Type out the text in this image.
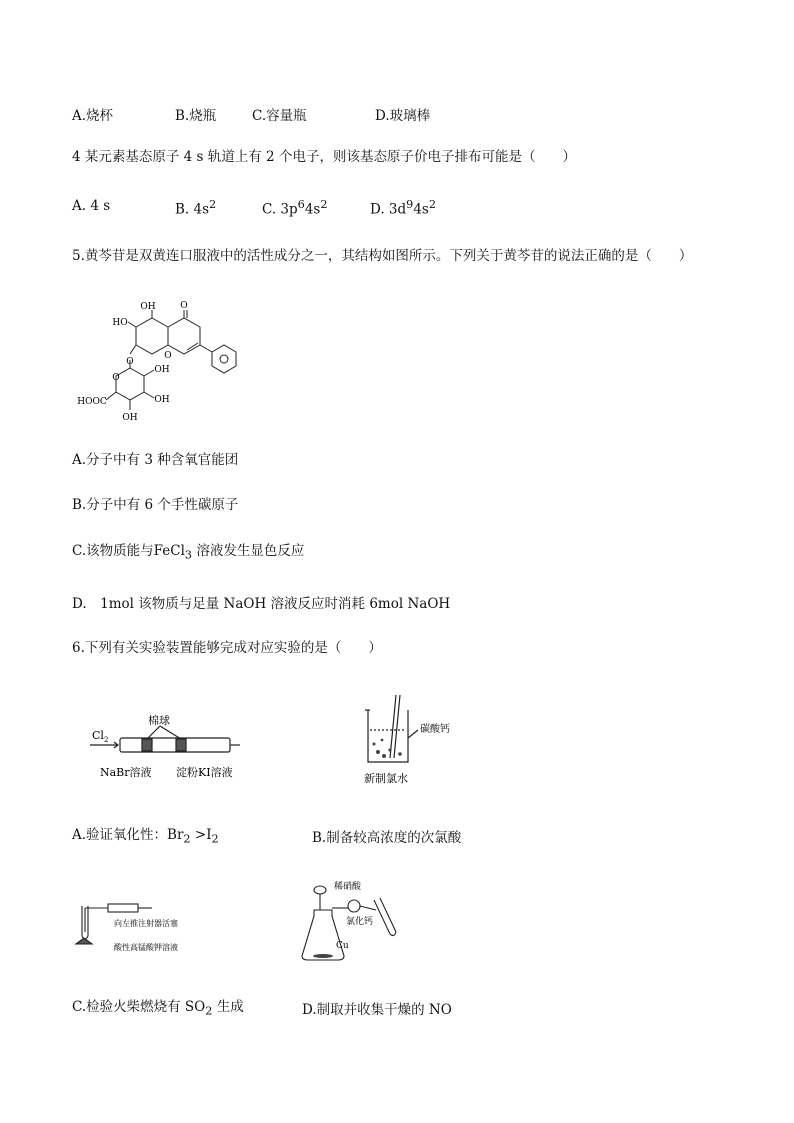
A.烧杯	B.烧瓶	C.容量瓶	D.玻璃棒
4 某元素基态原子 4 s 轨道上有 2 个电子，则该基态原子价电子排布可能是（　　）
A. 4 s	B. $4s^2$	C. $3p^64s^2$	D. $3d^94s^2$
5.黄芩苷是双黄连口服液中的活性成分之一，其结构如图所示。下列关于黄芩苷的说法正确的是（　　）
OH
HO
O
O
O
O
OH
OH
OH
HOOC
A.分子中有 3 种含氧官能团
B.分子中有 6 个手性碳原子
C.该物质能与FeCl$_3$ 溶液发生显色反应
D.　1mol 该物质与足量 NaOH 溶液反应时消耗 6mol NaOH
6.下列有关实验装置能够完成对应实验的是（　　）
$Cl_2$
棉球
NaBr溶液 淀粉KI溶液
碳酸钙
新制氯水
A.验证氧化性：$Br_2 >I_2$	B.制备较高浓度的次氯酸
向左推注射器活塞
酸性高锰酸钾溶液
稀硝酸
氯化钙
Cu
C.检验火柴燃烧有 $SO_2$ 生成	D.制取并收集干燥的 NO
